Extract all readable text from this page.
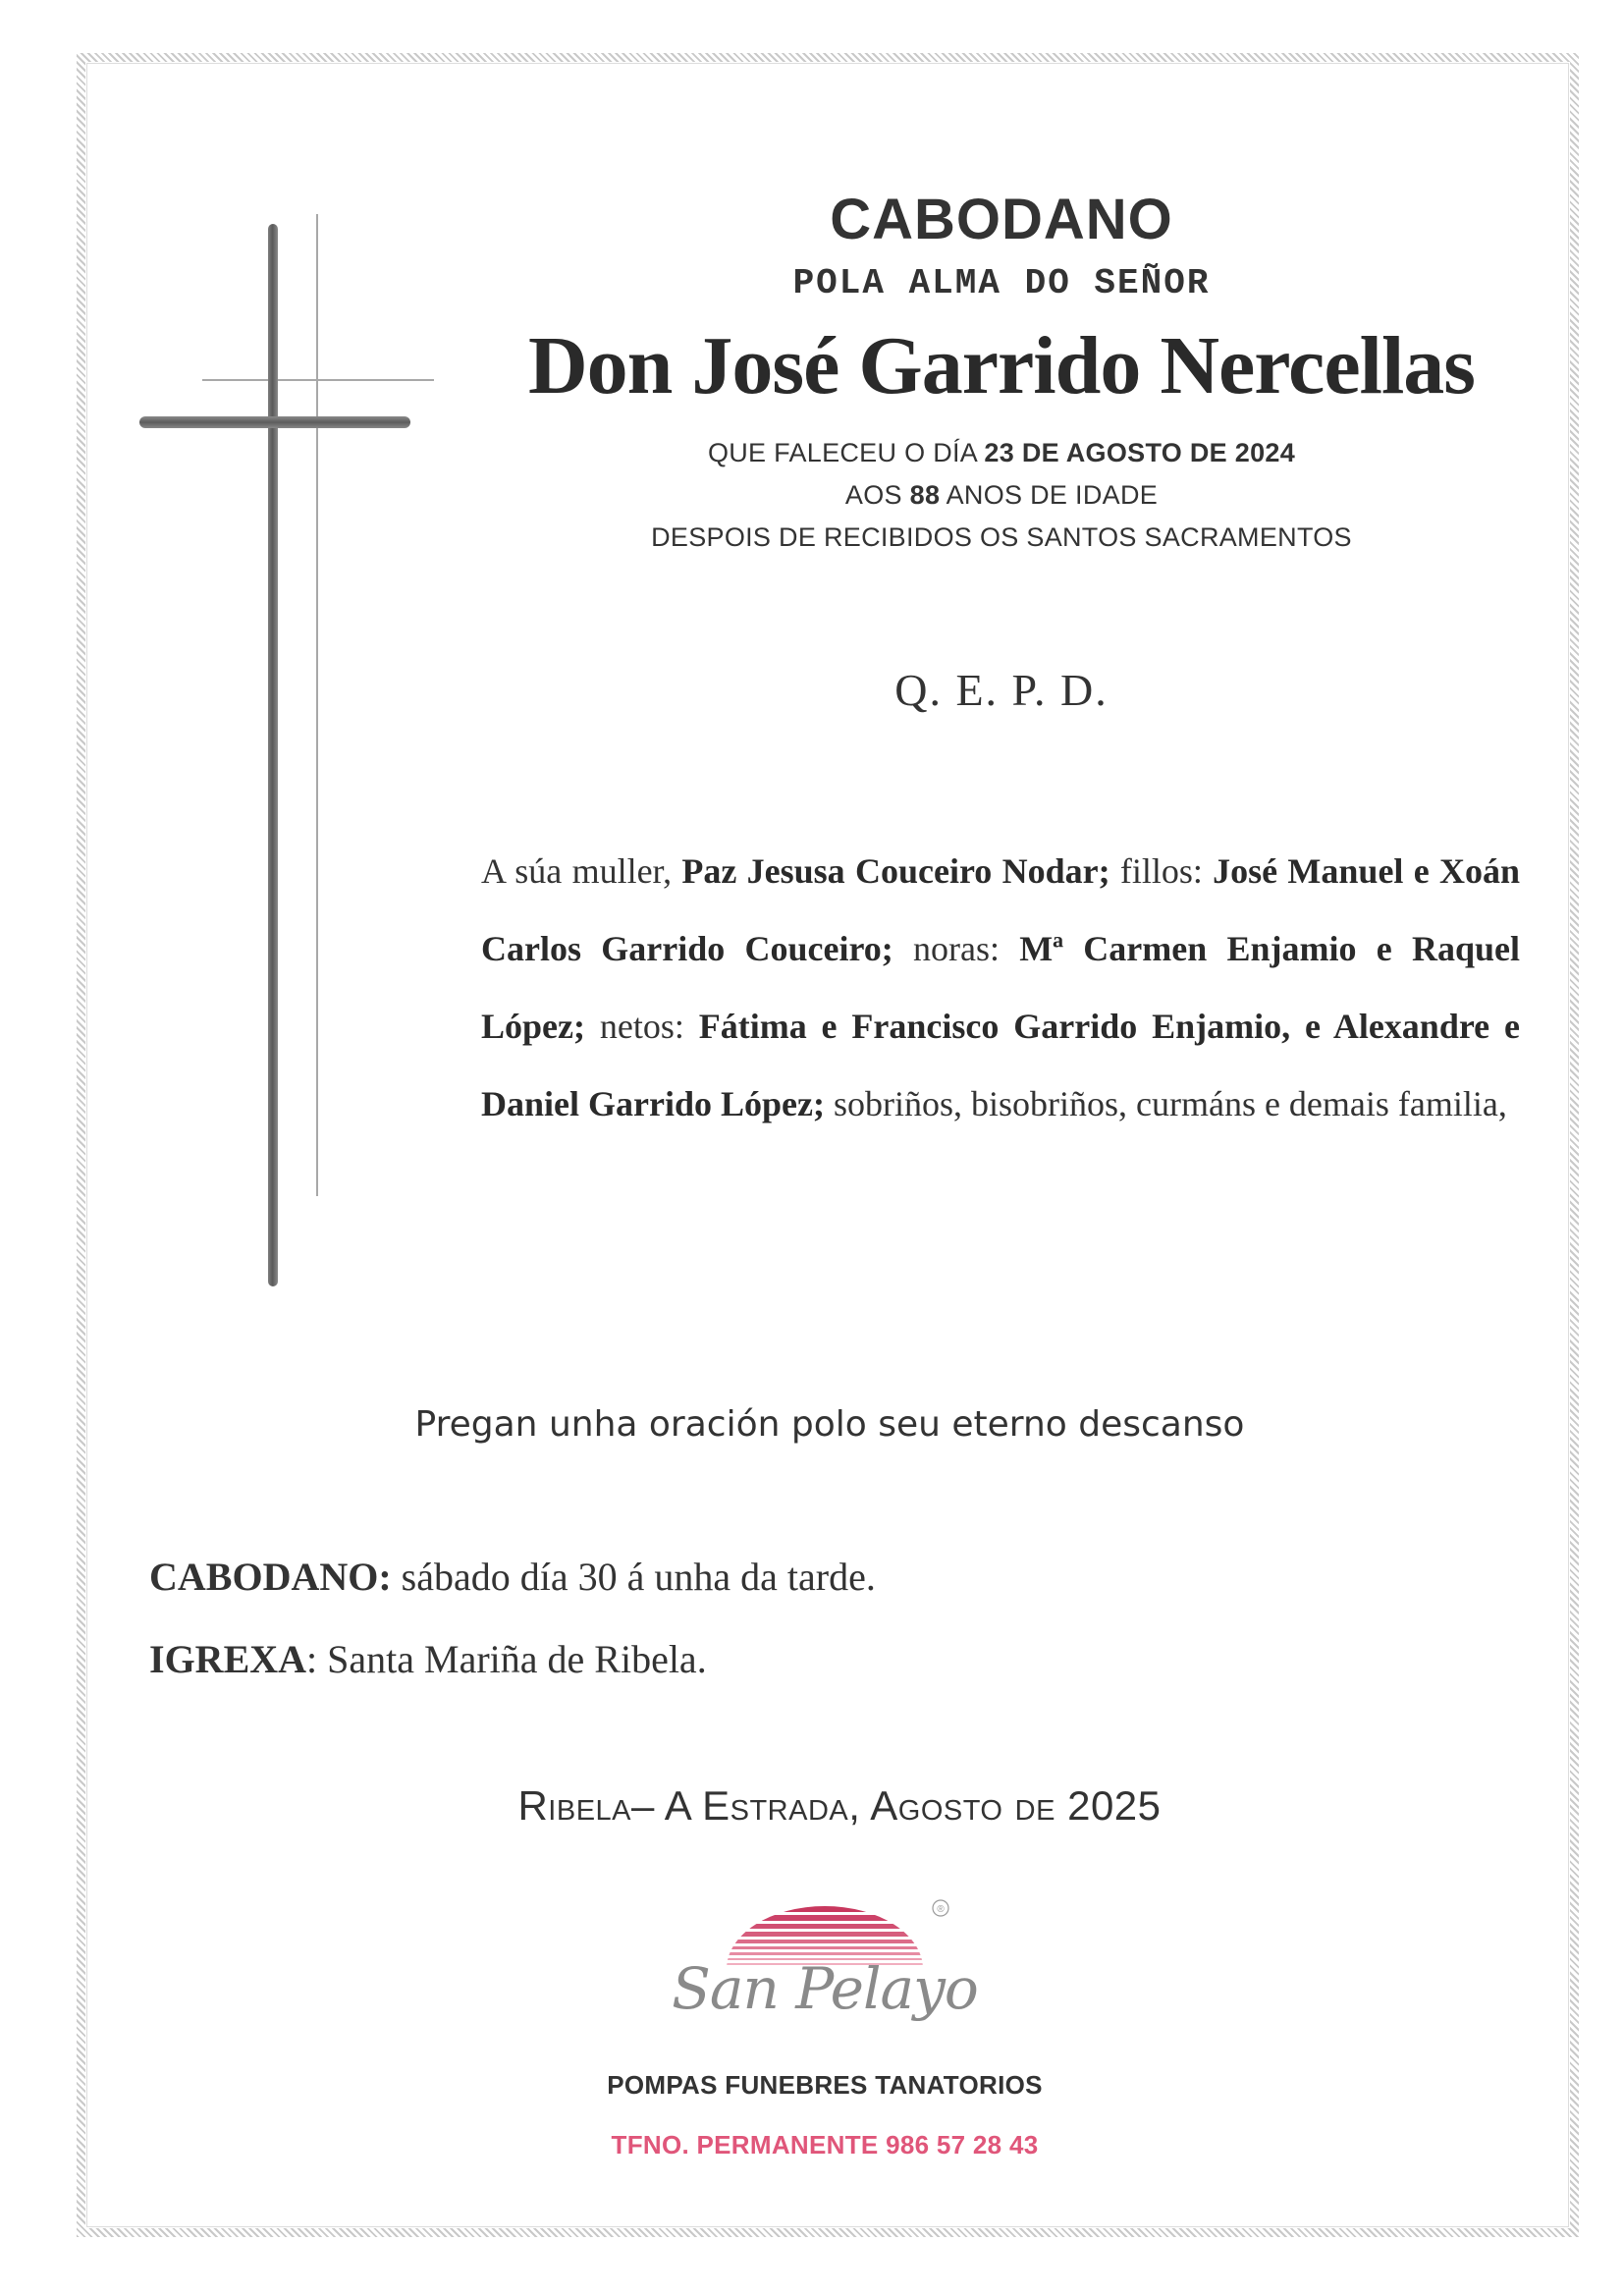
CABODANO
POLA ALMA DO SEÑOR
Don José Garrido Nercellas
QUE FALECEU O DÍA 23 DE AGOSTO DE 2024
AOS 88 ANOS DE IDADE
DESPOIS DE RECIBIDOS OS SANTOS SACRAMENTOS
Q. E. P. D.
A súa muller, Paz Jesusa Couceiro Nodar; fillos: José Manuel e Xoán Carlos Garrido Couceiro; noras: Mª Carmen Enjamio e Raquel López; netos: Fátima e Francisco Garrido Enjamio, e Alexandre e Daniel Garrido López; sobriños, bisobriños, curmáns e demais familia,
Pregan unha oración polo seu eterno descanso
CABODANO: sábado día 30 á unha da tarde.
IGREXA: Santa Mariña de Ribela.
Ribela– A Estrada, Agosto de 2025
®
San Pelayo
POMPAS FUNEBRES TANATORIOS
TFNO. PERMANENTE 986 57 28 43
